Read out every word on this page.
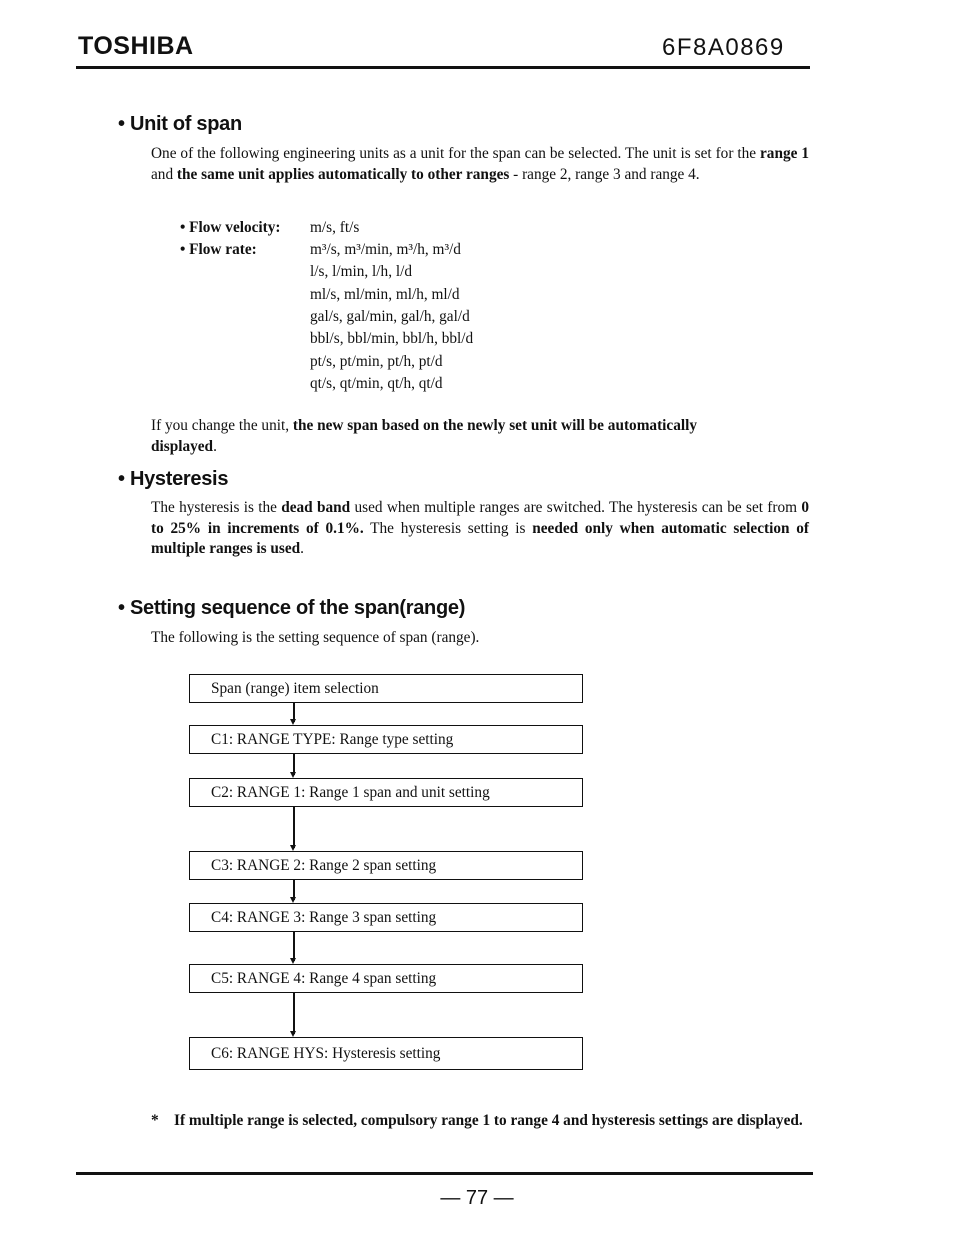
TOSHIBA	6F8A0869
• Unit of span
One of the following engineering units as a unit for the span can be selected. The unit is set for the range 1 and the same unit applies automatically to other ranges - range 2, range 3 and range 4.
• Flow velocity: m/s, ft/s
• Flow rate:	m³/s, m³/min, m³/h, m³/d
l/s, l/min, l/h, l/d
ml/s, ml/min, ml/h, ml/d
gal/s, gal/min, gal/h, gal/d
bbl/s, bbl/min, bbl/h, bbl/d
pt/s, pt/min, pt/h, pt/d
qt/s, qt/min, qt/h, qt/d
If you change the unit, the new span based on the newly set unit will be automatically displayed.
• Hysteresis
The hysteresis is the dead band used when multiple ranges are switched. The hysteresis can be set from 0 to 25% in increments of 0.1%. The hysteresis setting is needed only when automatic selection of multiple ranges is used.
• Setting sequence of the span(range)
The following is the setting sequence of span (range).
Span (range) item selection
C1: RANGE TYPE: Range type setting
C2: RANGE 1: Range 1 span and unit setting
C3: RANGE 2: Range 2 span setting
C4: RANGE 3: Range 3 span setting
C5: RANGE 4: Range 4 span setting
C6: RANGE HYS: Hysteresis setting
* If multiple range is selected, compulsory range 1 to range 4 and hysteresis settings are displayed.
— 77 —
